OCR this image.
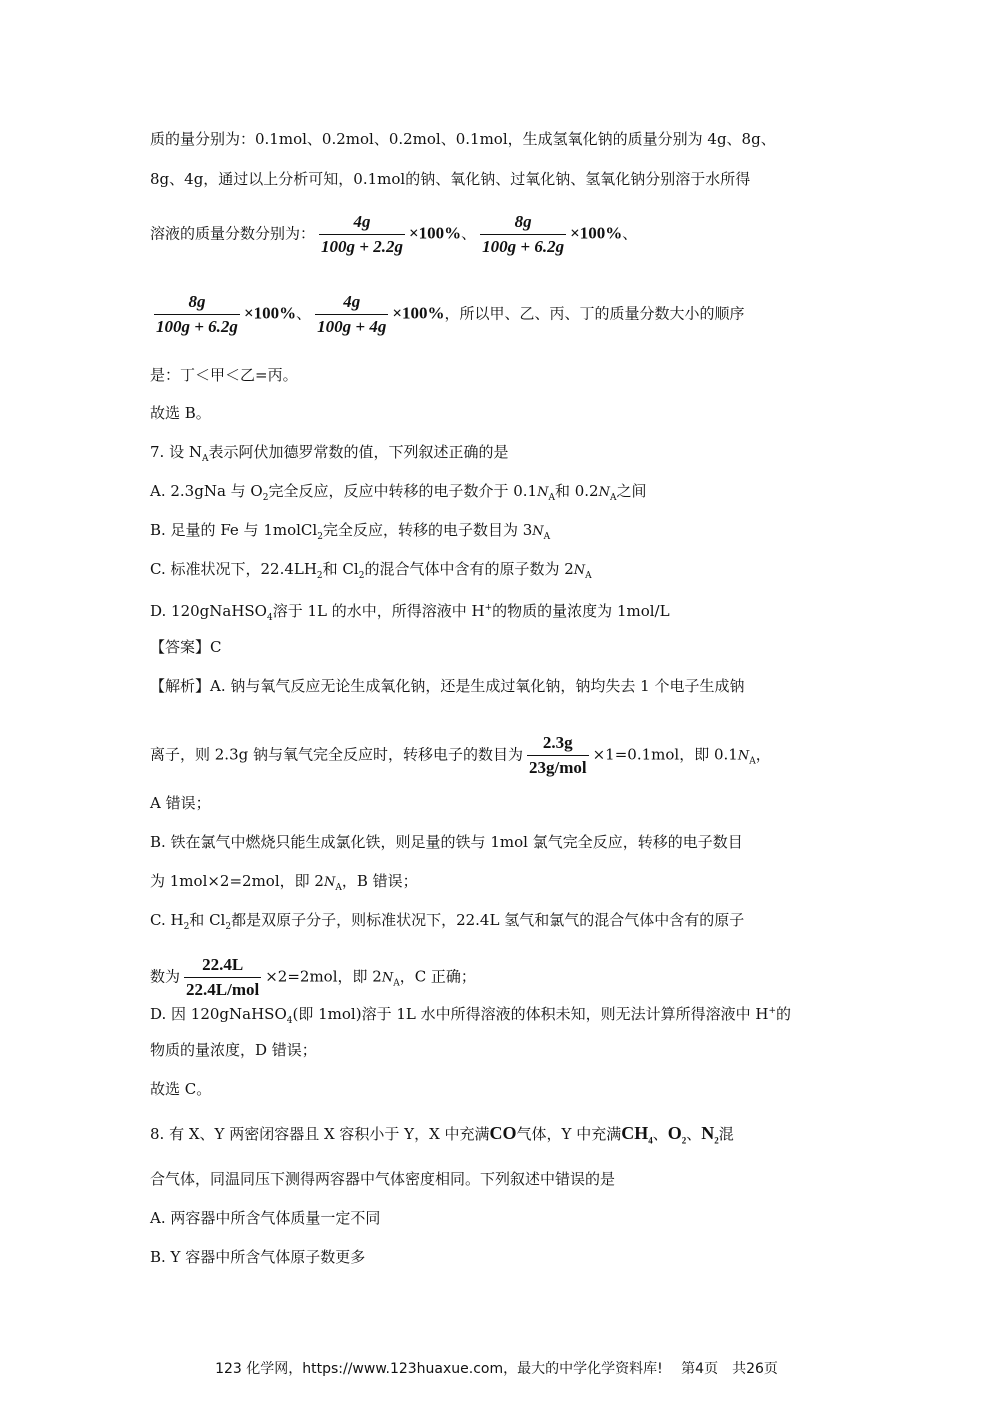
质的量分别为：0.1mol、0.2mol、0.2mol、0.1mol，生成氢氧化钠的质量分别为 4g、8g、
8g、4g，通过以上分析可知，0.1mol的钠、氧化钠、过氧化钠、氢氧化钠分别溶于水所得
溶液的质量分数分别为： $\frac{4g}{100g + 2.2g} \times 100\%$、 $\frac{8g}{100g + 6.2g} \times 100\%$、
$\frac{8g}{100g + 6.2g} \times 100\%$、 $\frac{4g}{100g + 4g} \times 100\%$，所以甲、乙、丙、丁的质量分数大小的顺序
是：丁＜甲＜乙=丙。
故选 B。
7. 设 $N_A$表示阿伏加德罗常数的值，下列叙述正确的是
A. 2.3gNa 与 $O_2$完全反应，反应中转移的电子数介于 $0.1N_A$和 $0.2N_A$之间
B. 足量的 Fe 与 1molCl$_2$完全反应，转移的电子数目为 $3N_A$
C. 标准状况下，$22.4LH_2$和 $Cl_2$的混合气体中含有的原子数为 $2N_A$
D. 120gNaHSO$_4$溶于 1L 的水中，所得溶液中 H+的物质的量浓度为 1mol/L
【答案】C
【解析】A. 钠与氧气反应无论生成氧化钠，还是生成过氧化钠，钠均失去 1 个电子生成钠
离子，则 2.3g 钠与氧气完全反应时，转移电子的数目为 $\frac{2.3g}{\text{23g/mol}} \times 1=0.1mol$，即 $0.1N_A$，
A 错误；
B. 铁在氯气中燃烧只能生成氯化铁，则足量的铁与 1mol 氯气完全反应，转移的电子数目
为 1mol×2=2mol，即 $2N_A$，B 错误；
C. $H_2$和 $Cl_2$都是双原子分子，则标准状况下，22.4L 氢气和氯气的混合气体中含有的原子
数为 $\frac{22.4L}{\text{22.4L/mol}} \times 2=2mol$，即 $2N_A$，C 正确；
D. 因 120gNaHSO$_4$(即 1mol)溶于 1L 水中所得溶液的体积未知，则无法计算所得溶液中 H+的
物质的量浓度，D 错误；
故选 C。
8. 有 X、Y 两密闭容器且 X 容积小于 Y，X 中充满CO气体，Y 中充满$CH_4$、$O_2$、$N_2$混
合气体，同温同压下测得两容器中气体密度相同。下列叙述中错误的是
A. 两容器中所含气体质量一定不同
B. Y 容器中所含气体原子数更多
123 化学网，https://www.123huaxue.com，最大的中学化学资料库!　 第4页　共26页
